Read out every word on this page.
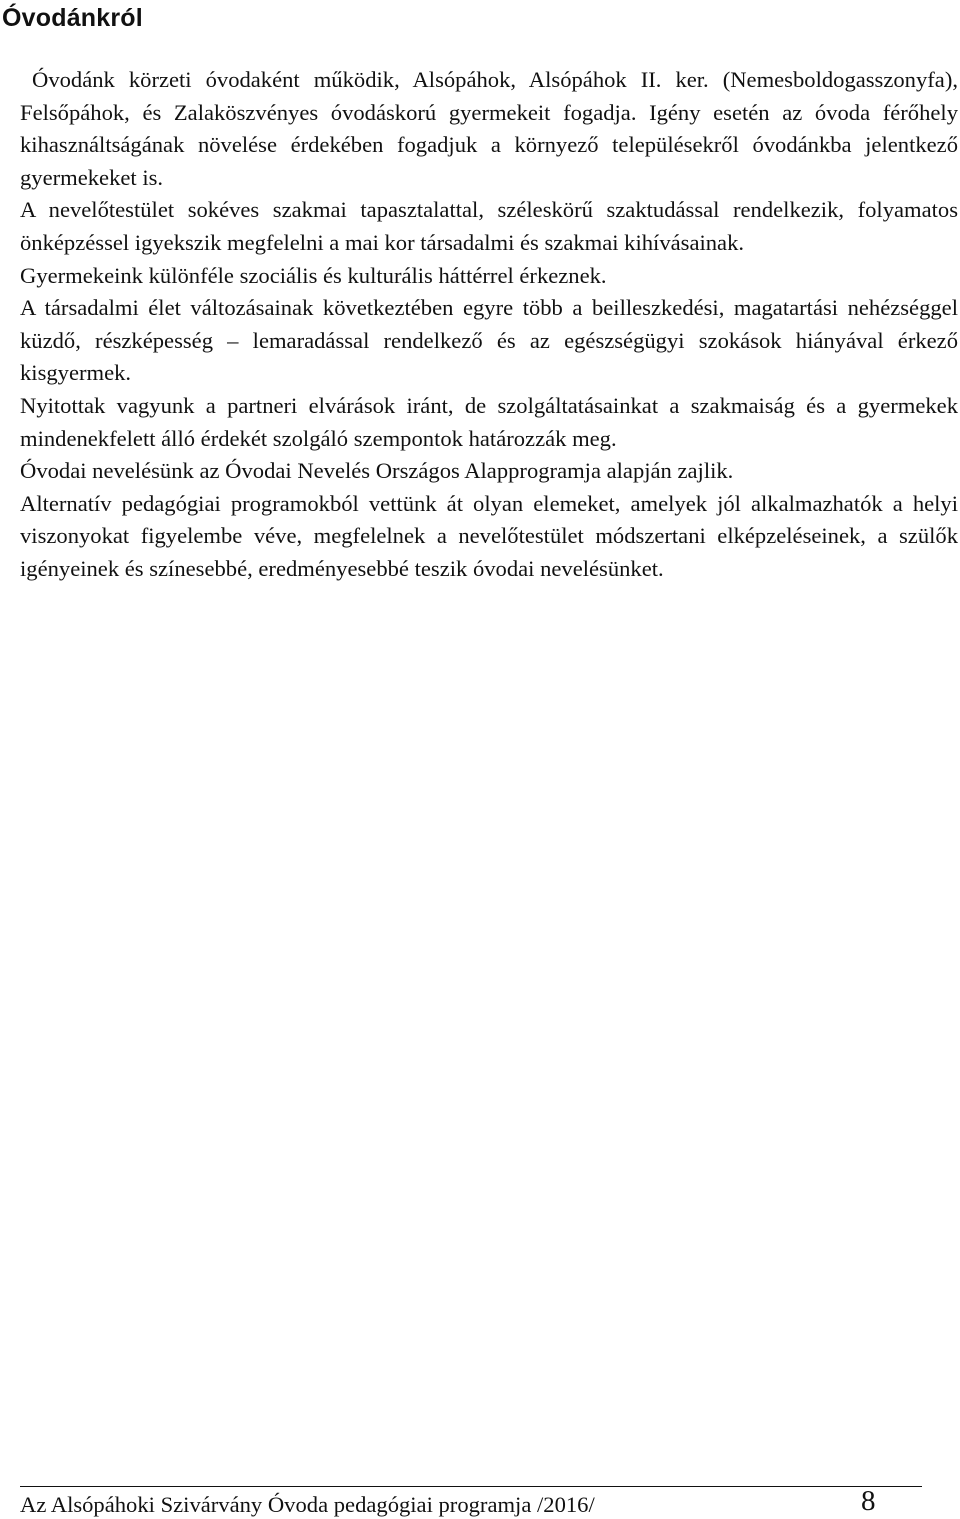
Óvodánkról

Óvodánk körzeti óvodaként működik, Alsópáhok, Alsópáhok II. ker. (Nemesboldogasszonyfa), Felsőpáhok, és Zalaköszvényes óvodáskorú gyermekeit fogadja. Igény esetén az óvoda férőhely kihasználtságának növelése érdekében fogadjuk a környező településekről óvodánkba jelentkező gyermekeket is.

A nevelőtestület sokéves szakmai tapasztalattal, széleskörű szaktudással rendelkezik, folyamatos önképzéssel igyekszik megfelelni a mai kor társadalmi és szakmai kihívásainak.

Gyermekeink különféle szociális és kulturális háttérrel érkeznek.

A társadalmi élet változásainak következtében egyre több a beilleszkedési, magatartási nehézséggel küzdő, részképesség – lemaradással rendelkező és az egészségügyi szokások hiányával érkező kisgyermek.

Nyitottak vagyunk a partneri elvárások iránt, de szolgáltatásainkat a szakmaiság és a gyermekek mindenekfelett álló érdekét szolgáló szempontok határozzák meg.

Óvodai nevelésünk az Óvodai Nevelés Országos Alapprogramja alapján zajlik.

Alternatív pedagógiai programokból vettünk át olyan elemeket, amelyek jól alkalmazhatók a helyi viszonyokat figyelembe véve, megfelelnek a nevelőtestület módszertani elképzeléseinek, a szülők igényeinek és színesebbé, eredményesebbé teszik óvodai nevelésünket.

Az Alsópáhoki Szivárvány Óvoda pedagógiai programja /2016/	8
